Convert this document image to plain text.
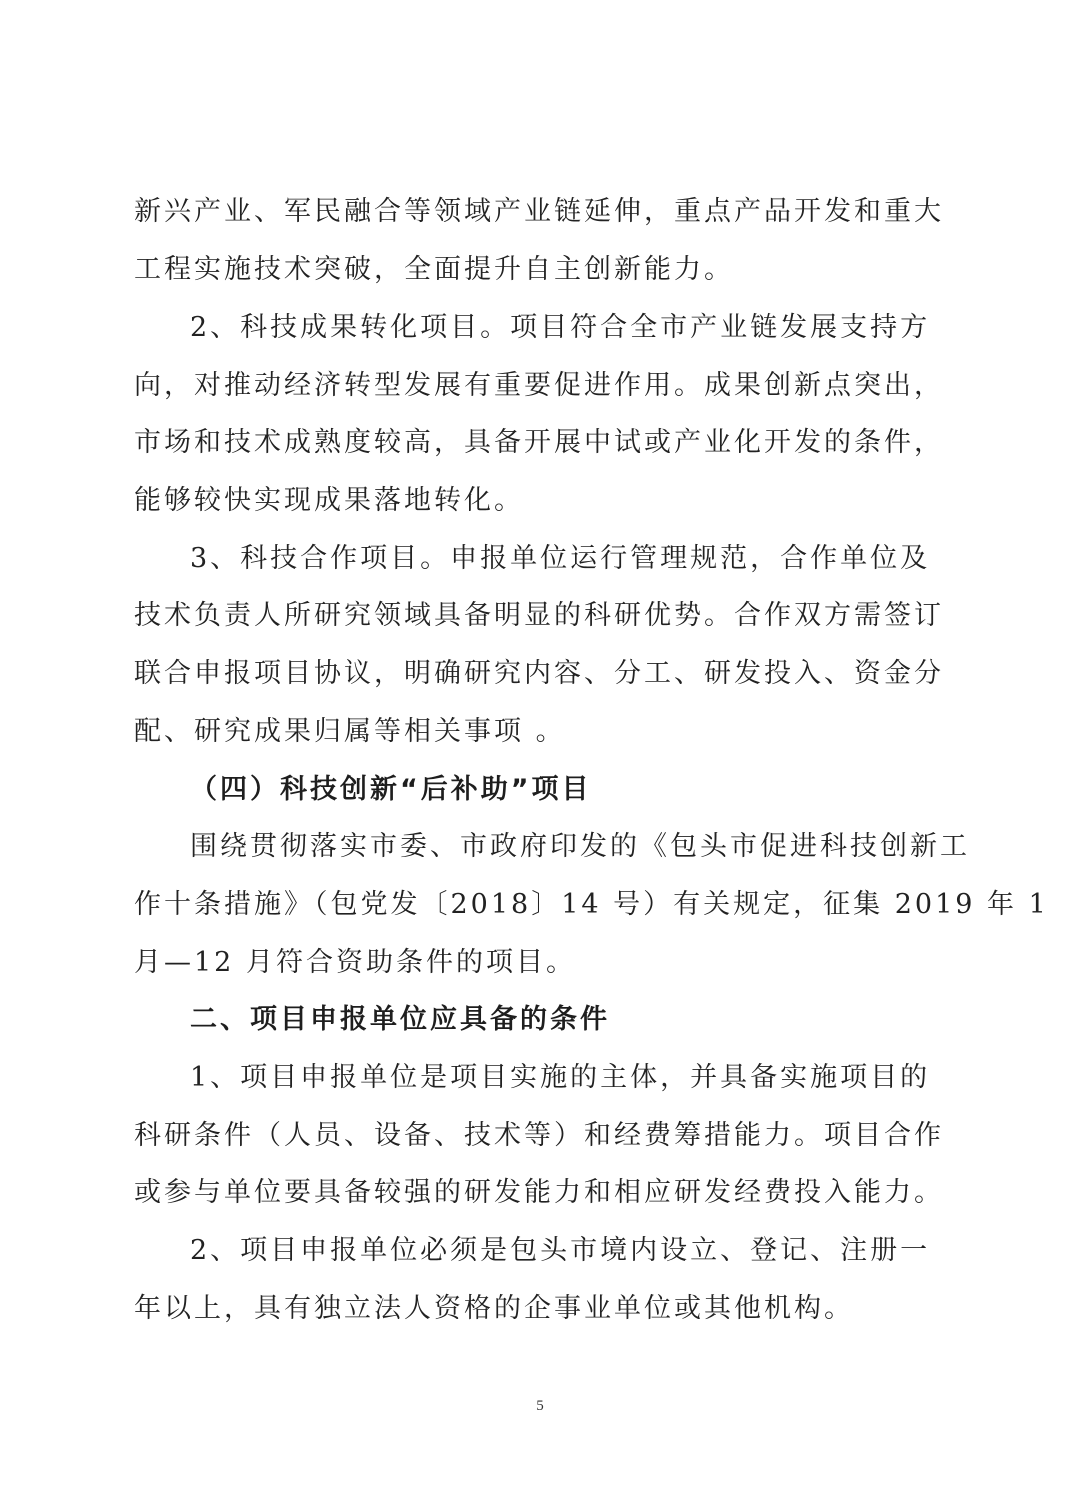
新兴产业、军民融合等领域产业链延伸，重点产品开发和重大
工程实施技术突破，全面提升自主创新能力。
2、科技成果转化项目。项目符合全市产业链发展支持方
向，对推动经济转型发展有重要促进作用。成果创新点突出，
市场和技术成熟度较高，具备开展中试或产业化开发的条件，
能够较快实现成果落地转化。
3、科技合作项目。申报单位运行管理规范，合作单位及
技术负责人所研究领域具备明显的科研优势。合作双方需签订
联合申报项目协议，明确研究内容、分工、研发投入、资金分
配、研究成果归属等相关事项 。
（四）科技创新“后补助”项目
围绕贯彻落实市委、市政府印发的《包头市促进科技创新工
作十条措施》（包党发〔2018〕14 号）有关规定，征集 2019 年 1
月—12 月符合资助条件的项目。
二、项目申报单位应具备的条件
1、项目申报单位是项目实施的主体，并具备实施项目的
科研条件（人员、设备、技术等）和经费筹措能力。项目合作
或参与单位要具备较强的研发能力和相应研发经费投入能力。
2、项目申报单位必须是包头市境内设立、登记、注册一
年以上，具有独立法人资格的企事业单位或其他机构。
5
